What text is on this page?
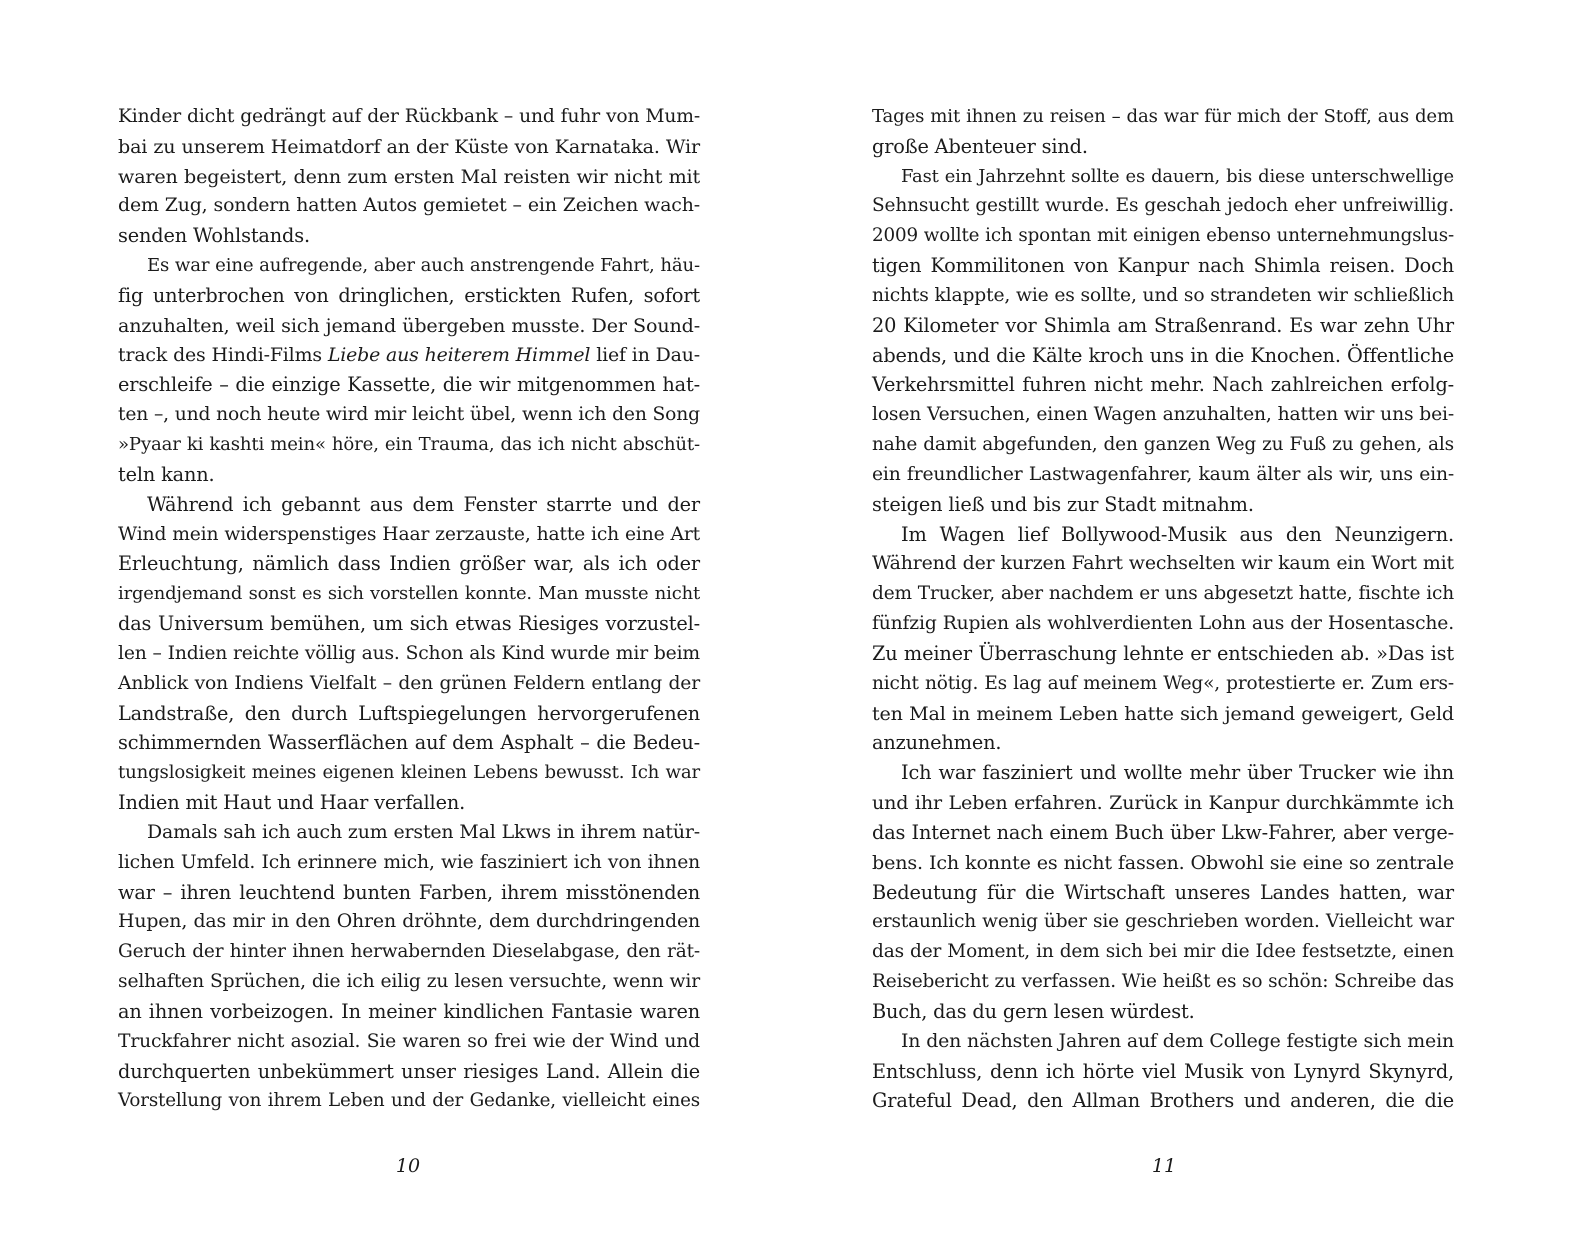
Kinder dicht gedrängt auf der Rückbank – und fuhr von Mum-
bai zu unserem Heimatdorf an der Küste von Karnataka. Wir
waren begeistert, denn zum ersten Mal reisten wir nicht mit
dem Zug, sondern hatten Autos gemietet – ein Zeichen wach-
senden Wohlstands.
Es war eine aufregende, aber auch anstrengende Fahrt, häu-
fig unterbrochen von dringlichen, erstickten Rufen, sofort
anzuhalten, weil sich jemand übergeben musste. Der Sound-
track des Hindi-Films Liebe aus heiterem Himmel lief in Dau-
erschleife – die einzige Kassette, die wir mitgenommen hat-
ten –, und noch heute wird mir leicht übel, wenn ich den Song
»Pyaar ki kashti mein« höre, ein Trauma, das ich nicht abschüt-
teln kann.
Während ich gebannt aus dem Fenster starrte und der
Wind mein widerspenstiges Haar zerzauste, hatte ich eine Art
Erleuchtung, nämlich dass Indien größer war, als ich oder
irgendjemand sonst es sich vorstellen konnte. Man musste nicht
das Universum bemühen, um sich etwas Riesiges vorzustel-
len – Indien reichte völlig aus. Schon als Kind wurde mir beim
Anblick von Indiens Vielfalt – den grünen Feldern entlang der
Landstraße, den durch Luftspiegelungen hervorgerufenen
schimmernden Wasserflächen auf dem Asphalt – die Bedeu-
tungslosigkeit meines eigenen kleinen Lebens bewusst. Ich war
Indien mit Haut und Haar verfallen.
Damals sah ich auch zum ersten Mal Lkws in ihrem natür-
lichen Umfeld. Ich erinnere mich, wie fasziniert ich von ihnen
war – ihren leuchtend bunten Farben, ihrem misstönenden
Hupen, das mir in den Ohren dröhnte, dem durchdringenden
Geruch der hinter ihnen herwabernden Dieselabgase, den rät-
selhaften Sprüchen, die ich eilig zu lesen versuchte, wenn wir
an ihnen vorbeizogen. In meiner kindlichen Fantasie waren
Truckfahrer nicht asozial. Sie waren so frei wie der Wind und
durchquerten unbekümmert unser riesiges Land. Allein die
Vorstellung von ihrem Leben und der Gedanke, vielleicht eines
Tages mit ihnen zu reisen – das war für mich der Stoff, aus dem
große Abenteuer sind.
Fast ein Jahrzehnt sollte es dauern, bis diese unterschwellige
Sehnsucht gestillt wurde. Es geschah jedoch eher unfreiwillig.
2009 wollte ich spontan mit einigen ebenso unternehmungslus-
tigen Kommilitonen von Kanpur nach Shimla reisen. Doch
nichts klappte, wie es sollte, und so strandeten wir schließlich
20 Kilometer vor Shimla am Straßenrand. Es war zehn Uhr
abends, und die Kälte kroch uns in die Knochen. Öffentliche
Verkehrsmittel fuhren nicht mehr. Nach zahlreichen erfolg-
losen Versuchen, einen Wagen anzuhalten, hatten wir uns bei-
nahe damit abgefunden, den ganzen Weg zu Fuß zu gehen, als
ein freundlicher Lastwagenfahrer, kaum älter als wir, uns ein-
steigen ließ und bis zur Stadt mitnahm.
Im Wagen lief Bollywood-Musik aus den Neunzigern.
Während der kurzen Fahrt wechselten wir kaum ein Wort mit
dem Trucker, aber nachdem er uns abgesetzt hatte, fischte ich
fünfzig Rupien als wohlverdienten Lohn aus der Hosentasche.
Zu meiner Überraschung lehnte er entschieden ab. »Das ist
nicht nötig. Es lag auf meinem Weg«, protestierte er. Zum ers-
ten Mal in meinem Leben hatte sich jemand geweigert, Geld
anzunehmen.
Ich war fasziniert und wollte mehr über Trucker wie ihn
und ihr Leben erfahren. Zurück in Kanpur durchkämmte ich
das Internet nach einem Buch über Lkw-Fahrer, aber verge-
bens. Ich konnte es nicht fassen. Obwohl sie eine so zentrale
Bedeutung für die Wirtschaft unseres Landes hatten, war
erstaunlich wenig über sie geschrieben worden. Vielleicht war
das der Moment, in dem sich bei mir die Idee festsetzte, einen
Reisebericht zu verfassen. Wie heißt es so schön: Schreibe das
Buch, das du gern lesen würdest.
In den nächsten Jahren auf dem College festigte sich mein
Entschluss, denn ich hörte viel Musik von Lynyrd Skynyrd,
Grateful Dead, den Allman Brothers und anderen, die die
10	11
